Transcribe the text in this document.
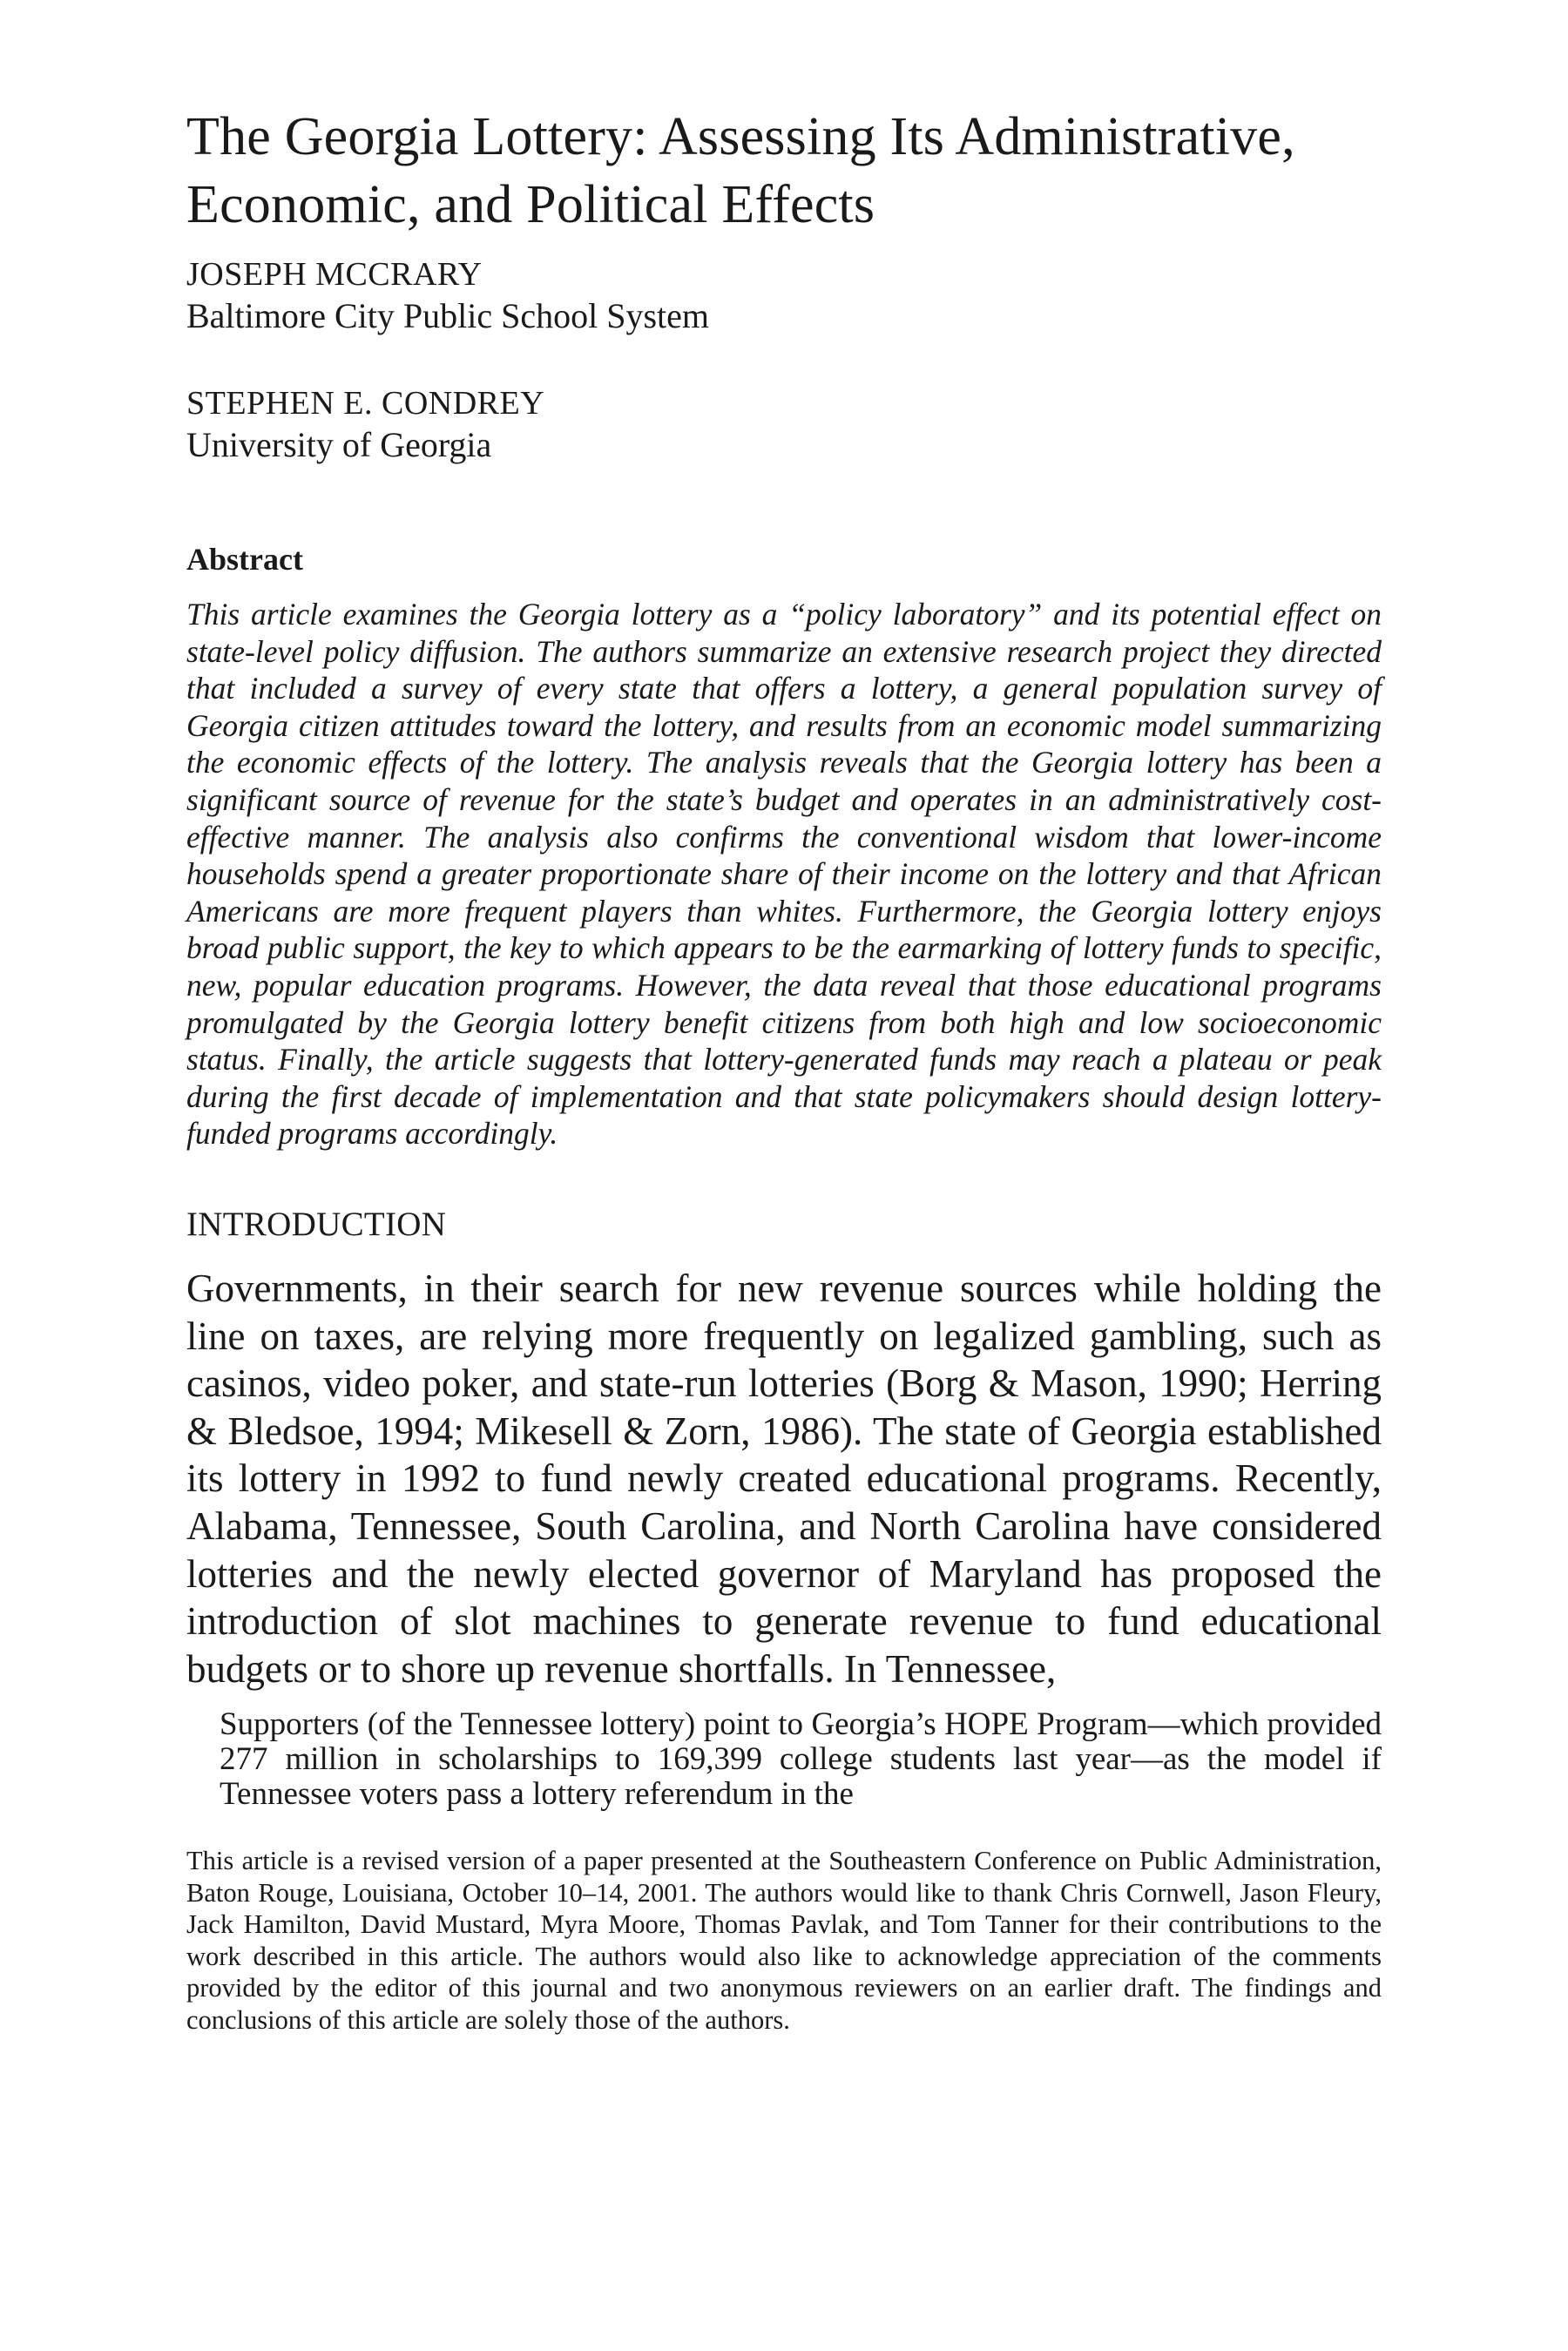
The Georgia Lottery: Assessing Its Administrative, Economic, and Political Effects
JOSEPH MCCRARY
Baltimore City Public School System
STEPHEN E. CONDREY
University of Georgia
Abstract

This article examines the Georgia lottery as a “policy laboratory” and its potential effect on state-level policy diffusion. The authors summarize an extensive research project they directed that included a survey of every state that offers a lottery, a general population survey of Georgia citizen attitudes toward the lottery, and results from an economic model summarizing the economic effects of the lottery. The analysis reveals that the Georgia lottery has been a significant source of revenue for the state’s budget and operates in an administratively cost-effective manner. The analysis also confirms the conventional wisdom that lower-income households spend a greater proportionate share of their income on the lottery and that African Americans are more frequent players than whites. Furthermore, the Georgia lottery enjoys broad public support, the key to which appears to be the earmarking of lottery funds to specific, new, popular education programs. However, the data reveal that those educational programs promulgated by the Georgia lottery benefit citizens from both high and low socioeconomic status. Finally, the article suggests that lottery-generated funds may reach a plateau or peak during the first decade of implementation and that state policymakers should design lottery-funded programs accordingly.

INTRODUCTION

Governments, in their search for new revenue sources while holding the line on taxes, are relying more frequently on legalized gambling, such as casinos, video poker, and state-run lotteries (Borg & Mason, 1990; Herring & Bledsoe, 1994; Mikesell & Zorn, 1986). The state of Georgia established its lottery in 1992 to fund newly created educational programs. Recently, Alabama, Tennessee, South Carolina, and North Carolina have considered lotteries and the newly elected governor of Maryland has proposed the introduction of slot machines to generate revenue to fund educational budgets or to shore up revenue shortfalls. In Tennessee,

Supporters (of the Tennessee lottery) point to Georgia’s HOPE Program—which provided 277 million in scholarships to 169,399 college students last year—as the model if Tennessee voters pass a lottery referendum in the

This article is a revised version of a paper presented at the Southeastern Conference on Public Administration, Baton Rouge, Louisiana, October 10–14, 2001. The authors would like to thank Chris Cornwell, Jason Fleury, Jack Hamilton, David Mustard, Myra Moore, Thomas Pavlak, and Tom Tanner for their contributions to the work described in this article. The authors would also like to acknowledge appreciation of the comments provided by the editor of this journal and two anonymous reviewers on an earlier draft. The findings and conclusions of this article are solely those of the authors.
